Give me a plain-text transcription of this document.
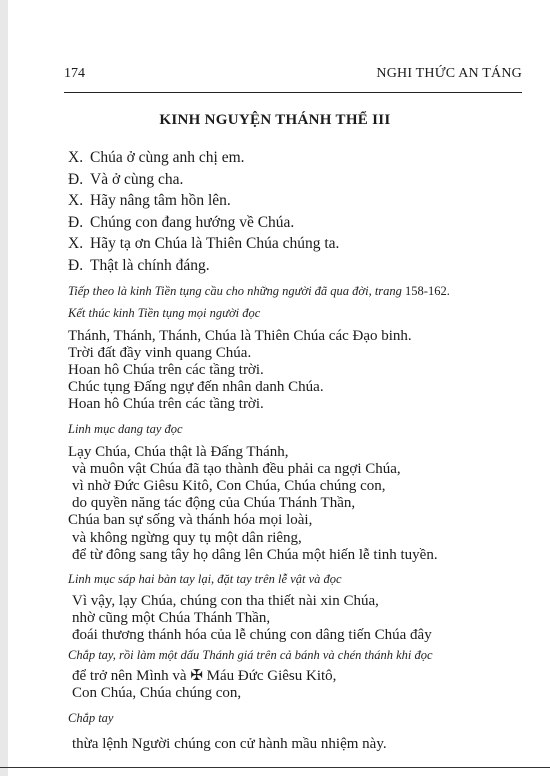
174	NGHI THỨC AN TÁNG
KINH NGUYỆN THÁNH THỂ III
X. Chúa ở cùng anh chị em.
Đ. Và ở cùng cha.
X. Hãy nâng tâm hồn lên.
Đ. Chúng con đang hướng về Chúa.
X. Hãy tạ ơn Chúa là Thiên Chúa chúng ta.
Đ. Thật là chính đáng.
Tiếp theo là kinh Tiền tụng cầu cho những người đã qua đời, trang 158-162.
Kết thúc kinh Tiền tụng mọi người đọc
Thánh, Thánh, Thánh, Chúa là Thiên Chúa các Đạo binh.
Trời đất đầy vinh quang Chúa.
Hoan hô Chúa trên các tầng trời.
Chúc tụng Đấng ngự đến nhân danh Chúa.
Hoan hô Chúa trên các tầng trời.
Linh mục dang tay đọc
Lạy Chúa, Chúa thật là Đấng Thánh,
và muôn vật Chúa đã tạo thành đều phải ca ngợi Chúa,
vì nhờ Đức Giêsu Kitô, Con Chúa, Chúa chúng con,
do quyền năng tác động của Chúa Thánh Thần,
Chúa ban sự sống và thánh hóa mọi loài,
và không ngừng quy tụ một dân riêng,
để từ đông sang tây họ dâng lên Chúa một hiến lễ tinh tuyền.
Linh mục sáp hai bàn tay lại, đặt tay trên lễ vật và đọc
Vì vậy, lạy Chúa, chúng con tha thiết nài xin Chúa,
nhờ cũng một Chúa Thánh Thần,
đoái thương thánh hóa của lễ chúng con dâng tiến Chúa đây
Chắp tay, rồi làm một dấu Thánh giá trên cả bánh và chén thánh khi đọc
để trở nên Mình và ✠ Máu Đức Giêsu Kitô,
Con Chúa, Chúa chúng con,
Chắp tay
thừa lệnh Người chúng con cử hành mầu nhiệm này.
